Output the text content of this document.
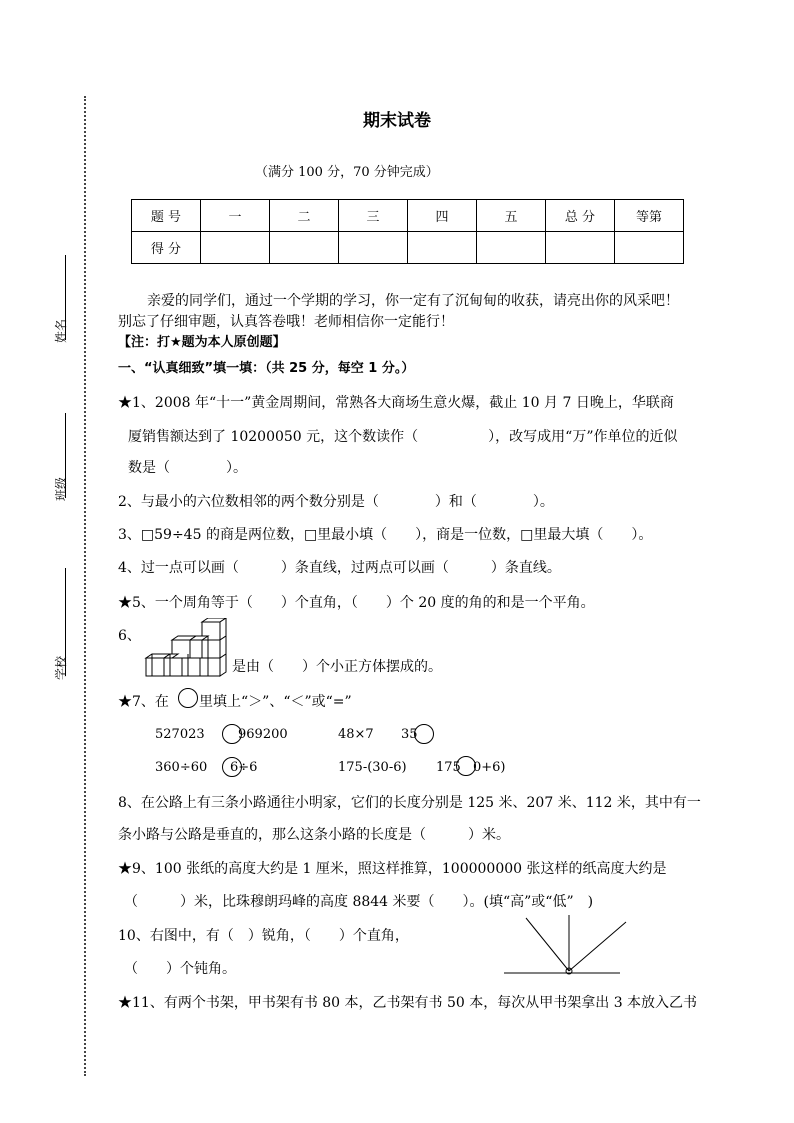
姓名
班级
学校
期末试卷
（满分 100 分，70 分钟完成）
题 号	一	二	三	四	五	总 分	等第
得 分							
亲爱的同学们，通过一个学期的学习，你一定有了沉甸甸的收获，请亮出你的风采吧！
别忘了仔细审题，认真答卷哦！老师相信你一定能行！
【注：打★题为本人原创题】
一、“认真细致”填一填：（共 25 分，每空 1 分。）
★1、2008 年“十一”黄金周期间，常熟各大商场生意火爆，截止 10 月 7 日晚上，华联商
厦销售额达到了 10200050 元，这个数读作（　　　　　），改写成用“万”作单位的近似
数是（　　　　）。
2、与最小的六位数相邻的两个数分别是（　　　　）和（　　　　）。
3、□59÷45 的商是两位数，□里最小填（　　），商是一位数，□里最大填（　　）。
4、过一点可以画（　　　）条直线，过两点可以画（　　　）条直线。
★5、一个周角等于（　　）个直角，（　　）个 20 度的角的和是一个平角。
6、
是由（　　）个小正方体摆成的。
★7、在 里填上“＞”、“＜”或“=”
527023	969200	48×7 35
360÷60 6÷6	175-(30-6) 175 0+6)
8、在公路上有三条小路通往小明家，它们的长度分别是 125 米、207 米、112 米，其中有一
条小路与公路是垂直的，那么这条小路的长度是（　　　）米。
★9、100 张纸的高度大约是 1 厘米，照这样推算，100000000 张这样的纸高度大约是
（　　　）米，比珠穆朗玛峰的高度 8844 米要（　　）。(填“高”或“低”　)
10、右图中，有（　）锐角，（　　）个直角，
（　　）个钝角。
★11、有两个书架，甲书架有书 80 本，乙书架有书 50 本，每次从甲书架拿出 3 本放入乙书
